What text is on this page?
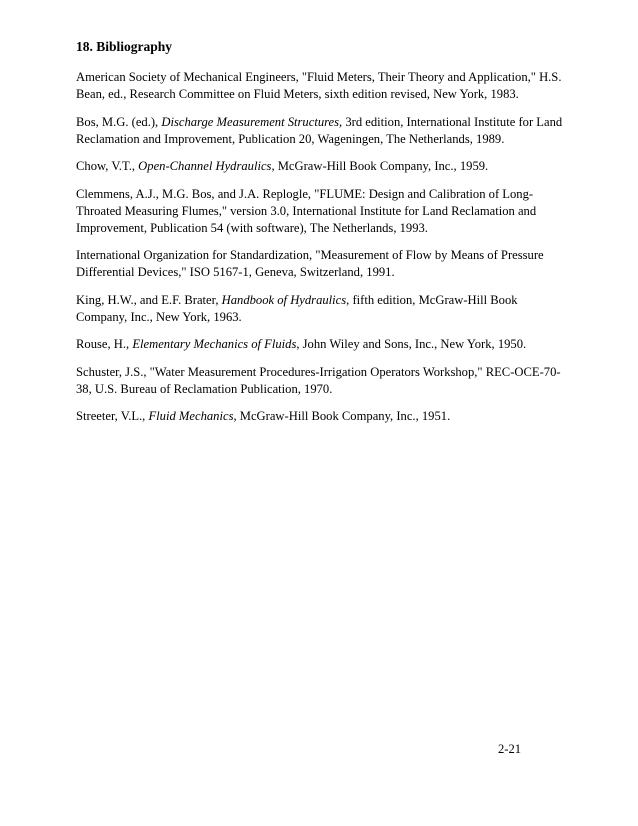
18. Bibliography
American Society of Mechanical Engineers, "Fluid Meters, Their Theory and Application," H.S. Bean, ed., Research Committee on Fluid Meters, sixth edition revised, New York, 1983.
Bos, M.G. (ed.), Discharge Measurement Structures, 3rd edition, International Institute for Land Reclamation and Improvement, Publication 20, Wageningen, The Netherlands, 1989.
Chow, V.T., Open-Channel Hydraulics, McGraw-Hill Book Company, Inc., 1959.
Clemmens, A.J., M.G. Bos, and J.A. Replogle, "FLUME: Design and Calibration of Long-Throated Measuring Flumes," version 3.0, International Institute for Land Reclamation and Improvement, Publication 54 (with software), The Netherlands, 1993.
International Organization for Standardization, "Measurement of Flow by Means of Pressure Differential Devices," ISO 5167-1, Geneva, Switzerland, 1991.
King, H.W., and E.F. Brater, Handbook of Hydraulics, fifth edition, McGraw-Hill Book Company, Inc., New York, 1963.
Rouse, H., Elementary Mechanics of Fluids, John Wiley and Sons, Inc., New York, 1950.
Schuster, J.S., "Water Measurement Procedures-Irrigation Operators Workshop," REC-OCE-70-38, U.S. Bureau of Reclamation Publication, 1970.
Streeter, V.L., Fluid Mechanics, McGraw-Hill Book Company, Inc., 1951.
2-21
